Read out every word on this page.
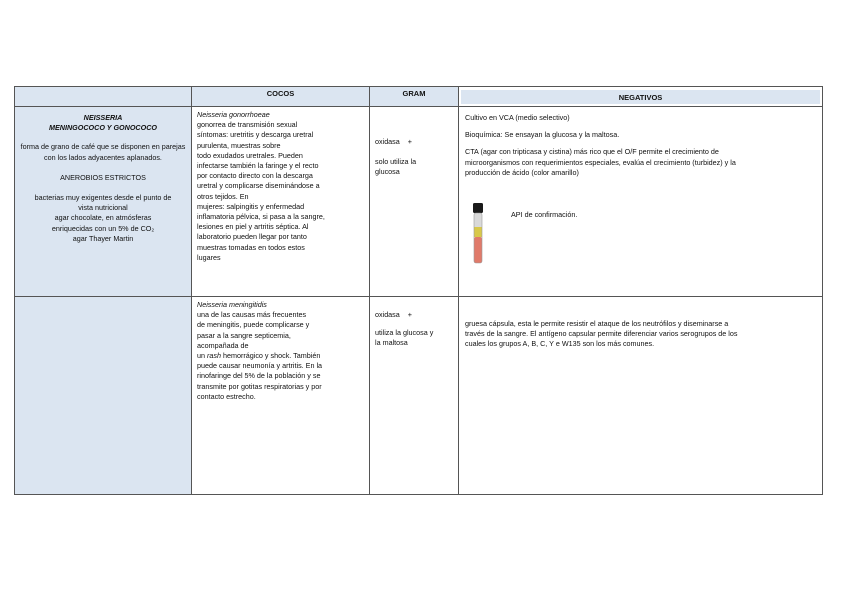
COCOS	GRAM	NEGATIVOS
NEISSERIA
MENINGOCOCO Y GONOCOCO
forma de grano de café que se disponen en parejas con los lados adyacentes aplanados.
ANEROBIOS ESTRICTOS
bacterias muy exigentes desde el punto de
vista nutricional
agar chocolate, en atmósferas
enriquecidas con un 5% de CO₂
agar Thayer Martin
Neisseria gonorrhoeae
gonorrea de transmisión sexual
síntomas: uretritis y descarga uretral
purulenta, muestras sobre
todo exudados uretrales. Pueden
infectarse también la faringe y el recto
por contacto directo con la descarga
uretral y complicarse diseminándose a
otros tejidos. En
mujeres: salpingitis y enfermedad
inflamatoria pélvica, si pasa a la sangre,
lesiones en piel y artritis séptica. Al
laboratorio pueden llegar por tanto
muestras tomadas en todos estos
lugares
oxidasa    +
solo utiliza la
glucosa
Cultivo en VCA (medio selectivo)
Bioquímica: Se ensayan la glucosa y la maltosa.
CTA (agar con tripticasa y cistina) más rico que el O/F permite el crecimiento de
microorganismos con requerimientos especiales, evalúa el crecimiento (turbidez) y la
producción de ácido (color amarillo)
API de confirmación.
Neisseria meningitidis
una de las causas más frecuentes
de meningitis, puede complicarse y
pasar a la sangre septicemia,
acompañada de
un rash hemorrágico y shock. También
puede causar neumonía y artritis. En la
rinofaringe del 5% de la población y se
transmite por gotitas respiratorias y por
contacto estrecho.
oxidasa    +
utiliza la glucosa y
la maltosa
gruesa cápsula, esta le permite resistir el ataque de los neutrófilos y diseminarse a
través de la sangre. El antígeno capsular permite diferenciar varios serogrupos de los
cuales los grupos A, B, C, Y e W135 son los más comunes.
